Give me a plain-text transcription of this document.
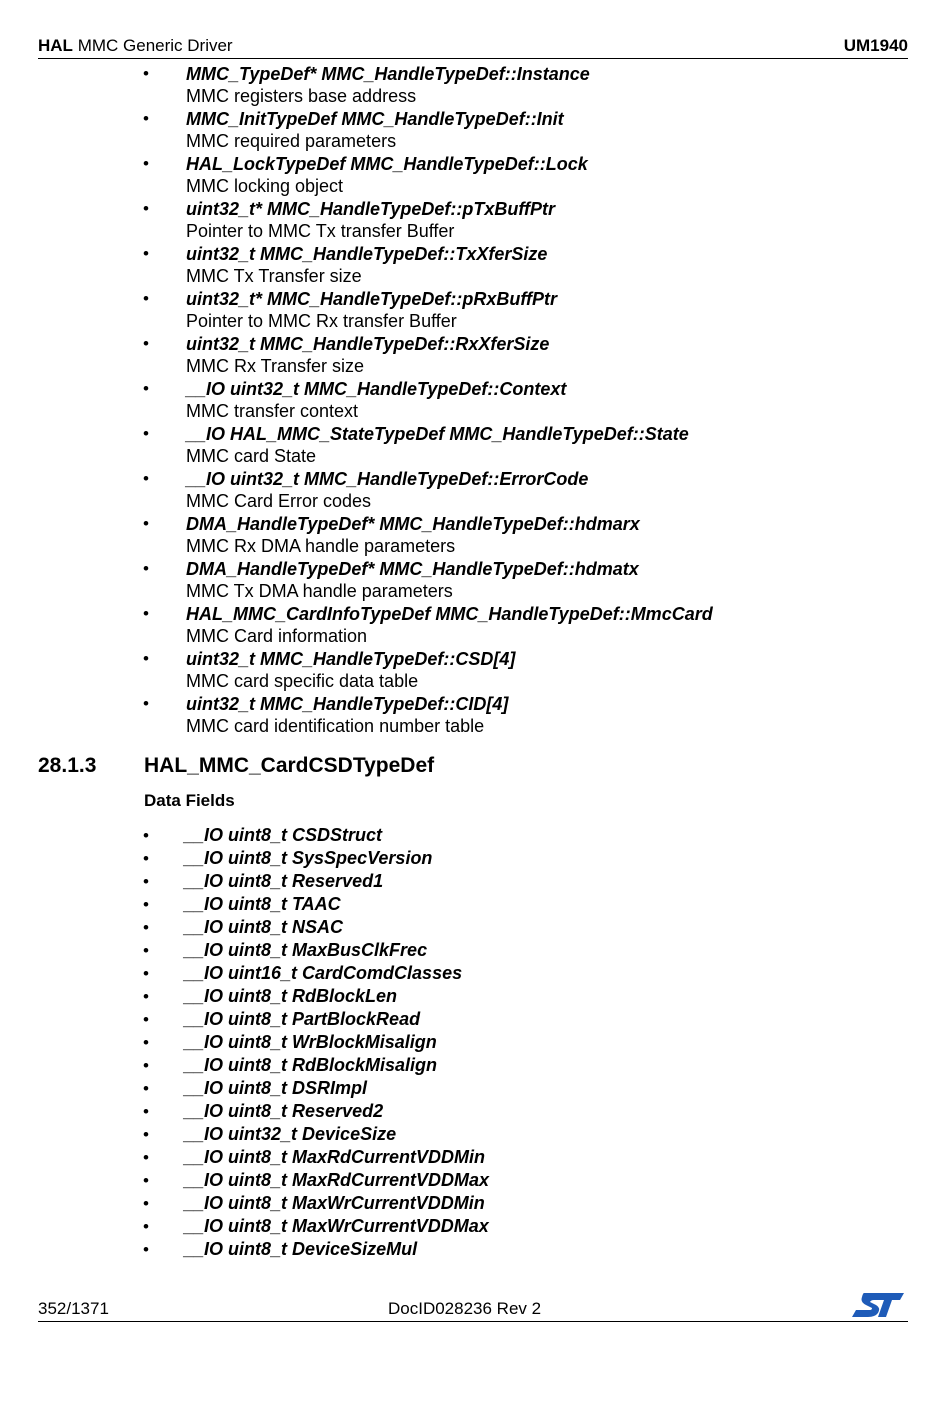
HAL MMC Generic Driver	UM1940
• MMC_TypeDef* MMC_HandleTypeDef::Instance
MMC registers base address
• MMC_InitTypeDef MMC_HandleTypeDef::Init
MMC required parameters
• HAL_LockTypeDef MMC_HandleTypeDef::Lock
MMC locking object
• uint32_t* MMC_HandleTypeDef::pTxBuffPtr
Pointer to MMC Tx transfer Buffer
• uint32_t MMC_HandleTypeDef::TxXferSize
MMC Tx Transfer size
• uint32_t* MMC_HandleTypeDef::pRxBuffPtr
Pointer to MMC Rx transfer Buffer
• uint32_t MMC_HandleTypeDef::RxXferSize
MMC Rx Transfer size
• __IO uint32_t MMC_HandleTypeDef::Context
MMC transfer context
• __IO HAL_MMC_StateTypeDef MMC_HandleTypeDef::State
MMC card State
• __IO uint32_t MMC_HandleTypeDef::ErrorCode
MMC Card Error codes
• DMA_HandleTypeDef* MMC_HandleTypeDef::hdmarx
MMC Rx DMA handle parameters
• DMA_HandleTypeDef* MMC_HandleTypeDef::hdmatx
MMC Tx DMA handle parameters
• HAL_MMC_CardInfoTypeDef MMC_HandleTypeDef::MmcCard
MMC Card information
• uint32_t MMC_HandleTypeDef::CSD[4]
MMC card specific data table
• uint32_t MMC_HandleTypeDef::CID[4]
MMC card identification number table
28.1.3 HAL_MMC_CardCSDTypeDef
Data Fields
• __IO uint8_t CSDStruct
• __IO uint8_t SysSpecVersion
• __IO uint8_t Reserved1
• __IO uint8_t TAAC
• __IO uint8_t NSAC
• __IO uint8_t MaxBusClkFrec
• __IO uint16_t CardComdClasses
• __IO uint8_t RdBlockLen
• __IO uint8_t PartBlockRead
• __IO uint8_t WrBlockMisalign
• __IO uint8_t RdBlockMisalign
• __IO uint8_t DSRImpl
• __IO uint8_t Reserved2
• __IO uint32_t DeviceSize
• __IO uint8_t MaxRdCurrentVDDMin
• __IO uint8_t MaxRdCurrentVDDMax
• __IO uint8_t MaxWrCurrentVDDMin
• __IO uint8_t MaxWrCurrentVDDMax
• __IO uint8_t DeviceSizeMul
352/1371	DocID028236 Rev 2
